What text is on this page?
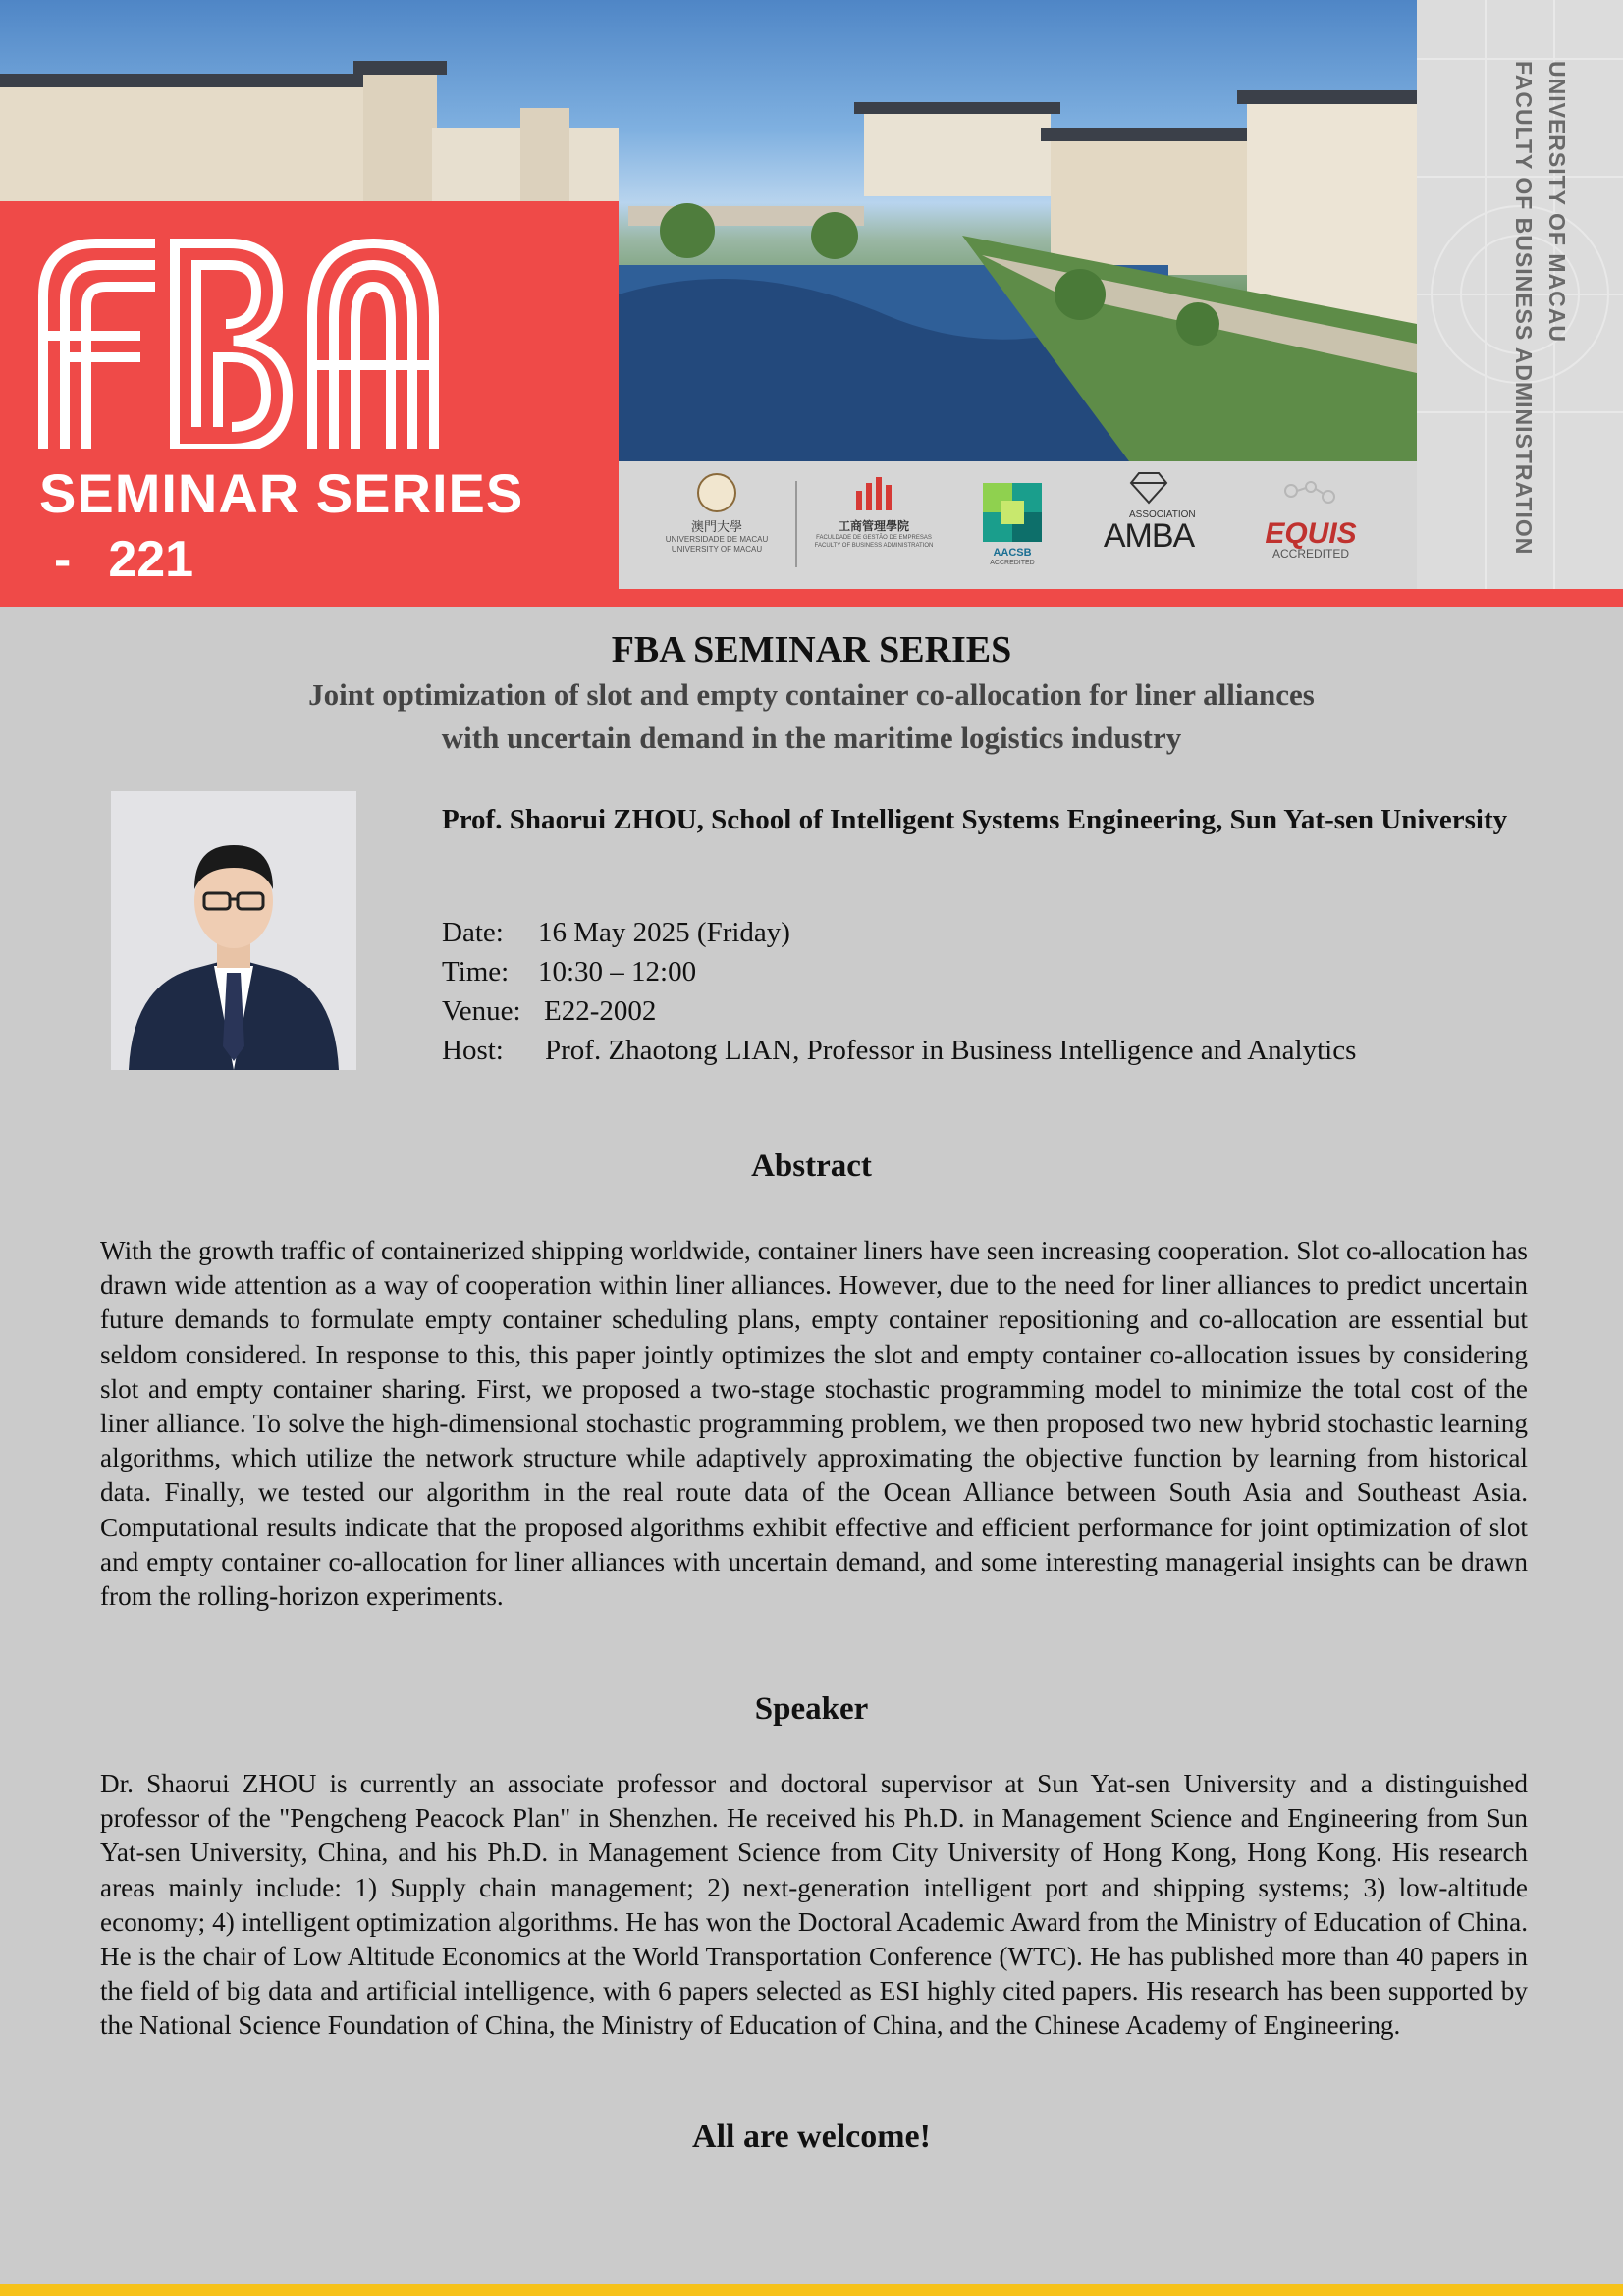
澳門大學
UNIVERSIDADE DE MACAU
UNIVERSITY OF MACAU
工商管理學院
FACULDADE DE GESTÃO DE EMPRESAS
FACULTY OF BUSINESS ADMINISTRATION
AACSB
ACCREDITED
ASSOCIATION
AMBA	EQUIS
ACCREDITED
SEMINAR SERIES
- 221
UNIVERSITY OF MACAU
FACULTY OF BUSINESS ADMINISTRATION
FBA SEMINAR SERIES
Joint optimization of slot and empty container co-allocation for liner alliances
with uncertain demand in the maritime logistics industry
Prof. Shaorui ZHOU, School of Intelligent Systems Engineering, Sun Yat-sen University
Date: 16 May 2025 (Friday)
Time: 10:30 – 12:00
Venue: E22-2002
Host: Prof. Zhaotong LIAN, Professor in Business Intelligence and Analytics
Abstract
With the growth traffic of containerized shipping worldwide, container liners have seen increasing cooperation. Slot co-allocation has drawn wide attention as a way of cooperation within liner alliances. However, due to the need for liner alliances to predict uncertain future demands to formulate empty container scheduling plans, empty container repositioning and co-allocation are essential but seldom considered. In response to this, this paper jointly optimizes the slot and empty container co-allocation issues by considering slot and empty container sharing. First, we proposed a two-stage stochastic programming model to minimize the total cost of the liner alliance. To solve the high-dimensional stochastic programming problem, we then proposed two new hybrid stochastic learning algorithms, which utilize the network structure while adaptively approximating the objective function by learning from historical data. Finally, we tested our algorithm in the real route data of the Ocean Alliance between South Asia and Southeast Asia. Computational results indicate that the proposed algorithms exhibit effective and efficient performance for joint optimization of slot and empty container co-allocation for liner alliances with uncertain demand, and some interesting managerial insights can be drawn from the rolling-horizon experiments.
Speaker
Dr. Shaorui ZHOU is currently an associate professor and doctoral supervisor at Sun Yat-sen University and a distinguished professor of the "Pengcheng Peacock Plan" in Shenzhen. He received his Ph.D. in Management Science and Engineering from Sun Yat-sen University, China, and his Ph.D. in Management Science from City University of Hong Kong, Hong Kong. His research areas mainly include: 1) Supply chain management; 2) next-generation intelligent port and shipping systems; 3) low-altitude economy; 4) intelligent optimization algorithms. He has won the Doctoral Academic Award from the Ministry of Education of China. He is the chair of Low Altitude Economics at the World Transportation Conference (WTC). He has published more than 40 papers in the field of big data and artificial intelligence, with 6 papers selected as ESI highly cited papers. His research has been supported by the National Science Foundation of China, the Ministry of Education of China, and the Chinese Academy of Engineering.
All are welcome!
